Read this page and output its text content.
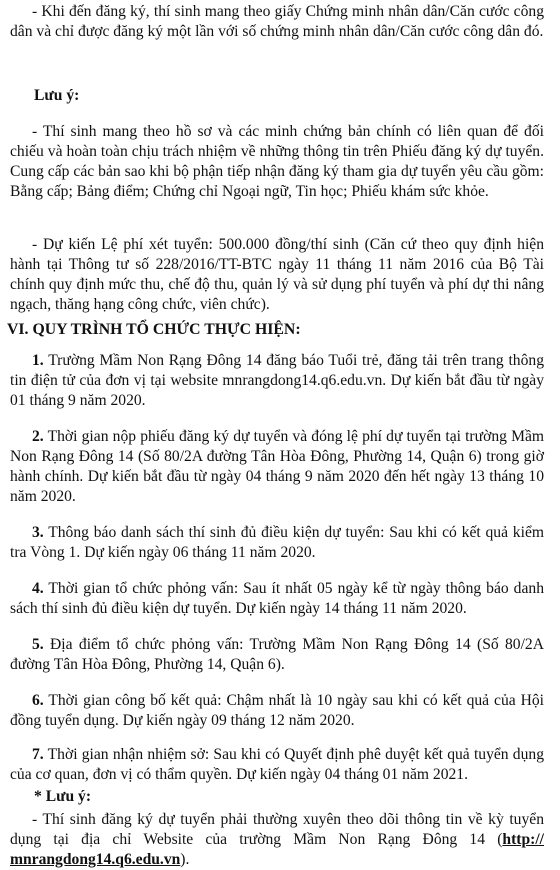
- Khi đến đăng ký, thí sinh mang theo giấy Chứng minh nhân dân/Căn cước công dân và chỉ được đăng ký một lần với số chứng minh nhân dân/Căn cước công dân đó.

Lưu ý:

- Thí sinh mang theo hồ sơ và các minh chứng bản chính có liên quan để đối chiếu và hoàn toàn chịu trách nhiệm về những thông tin trên Phiếu đăng ký dự tuyển. Cung cấp các bản sao khi bộ phận tiếp nhận đăng ký tham gia dự tuyển yêu cầu gồm: Bằng cấp; Bảng điểm; Chứng chỉ Ngoại ngữ, Tin học; Phiếu khám sức khỏe.

- Dự kiến Lệ phí xét tuyển: 500.000 đồng/thí sinh (Căn cứ theo quy định hiện hành tại Thông tư số 228/2016/TT-BTC ngày 11 tháng 11 năm 2016 của Bộ Tài chính quy định mức thu, chế độ thu, quản lý và sử dụng phí tuyển và phí dự thi nâng ngạch, thăng hạng công chức, viên chức).

VI. QUY TRÌNH TỔ CHỨC THỰC HIỆN:

1. Trường Mầm Non Rạng Đông 14 đăng báo Tuổi trẻ, đăng tải trên trang thông tin điện tử của đơn vị tại website mnrangdong14.q6.edu.vn. Dự kiến bắt đầu từ ngày 01 tháng 9 năm 2020.

2. Thời gian nộp phiếu đăng ký dự tuyển và đóng lệ phí dự tuyển tại trường Mầm Non Rạng Đông 14 (Số 80/2A đường Tân Hòa Đông, Phường 14, Quận 6) trong giờ hành chính. Dự kiến bắt đầu từ ngày 04 tháng 9 năm 2020 đến hết ngày 13 tháng 10 năm 2020.

3. Thông báo danh sách thí sinh đủ điều kiện dự tuyển: Sau khi có kết quả kiểm tra Vòng 1. Dự kiến ngày 06 tháng 11 năm 2020.

4. Thời gian tổ chức phỏng vấn: Sau ít nhất 05 ngày kể từ ngày thông báo danh sách thí sinh đủ điều kiện dự tuyển. Dự kiến ngày 14 tháng 11 năm 2020.

5. Địa điểm tổ chức phỏng vấn: Trường Mầm Non Rạng Đông 14 (Số 80/2A đường Tân Hòa Đông, Phường 14, Quận 6).

6. Thời gian công bố kết quả: Chậm nhất là 10 ngày sau khi có kết quả của Hội đồng tuyển dụng. Dự kiến ngày 09 tháng 12 năm 2020.

7. Thời gian nhận nhiệm sở: Sau khi có Quyết định phê duyệt kết quả tuyển dụng của cơ quan, đơn vị có thẩm quyền. Dự kiến ngày 04 tháng 01 năm 2021.

* Lưu ý:

- Thí sinh đăng ký dự tuyển phải thường xuyên theo dõi thông tin về kỳ tuyển dụng tại địa chỉ Website của trường Mầm Non Rạng Đông 14 (http:// mnrangdong14.q6.edu.vn).
